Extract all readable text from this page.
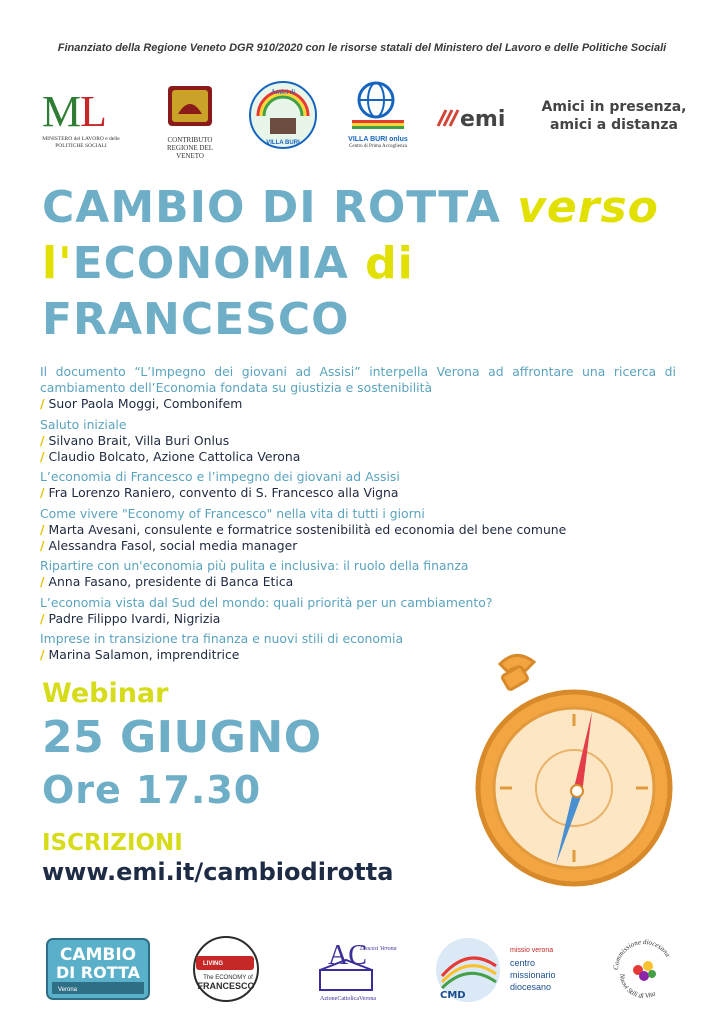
Finanziato della Regione Veneto DGR 910/2020 con le risorse statali del Ministero del Lavoro e delle Politiche Sociali
M
L
MINISTERO del LAVORO e delle POLITICHE SOCIALI
CONTRIBUTO REGIONE DEL VENETO
Amici di
VILLA BURI	VILLA BURI onlus
Centro di Prima Accoglienza
emi	Amici in presenza,
amici a distanza
CAMBIO DI ROTTA verso
l'ECONOMIA di
FRANCESCO
Il documento “L’Impegno dei giovani ad Assisi” interpella Verona ad affrontare una ricerca di cambiamento dell’Economia fondata su giustizia e sostenibilità
/ Suor Paola Moggi, Combonifem
Saluto iniziale
/ Silvano Brait, Villa Buri Onlus
/ Claudio Bolcato, Azione Cattolica Verona
L’economia di Francesco e l’impegno dei giovani ad Assisi
/ Fra Lorenzo Raniero, convento di S. Francesco alla Vigna
Come vivere "Economy of Francesco" nella vita di tutti i giorni
/ Marta Avesani, consulente e formatrice sostenibilità ed economia del bene comune
/ Alessandra Fasol, social media manager
Ripartire con un'economia più pulita e inclusiva: il ruolo della finanza
/ Anna Fasano, presidente di Banca Etica
L’economia vista dal Sud del mondo: quali priorità per un cambiamento?
/ Padre Filippo Ivardi, Nigrizia
Imprese in transizione tra finanza e nuovi stili di economia
/ Marina Salamon, imprenditrice
Webinar
25 GIUGNO
Ore 17.30
ISCRIZIONI
www.emi.it/cambiodirotta
CAMBIO
DI ROTTA
Verona
LIVING
The ECONOMY of
FRANCESCO
AC
Diocesi Verona
AzioneCattolicaVerona	CMD
missio verona
centro
missionario
diocesano
Commissione diocesana
Nuovi Stili di Vita
